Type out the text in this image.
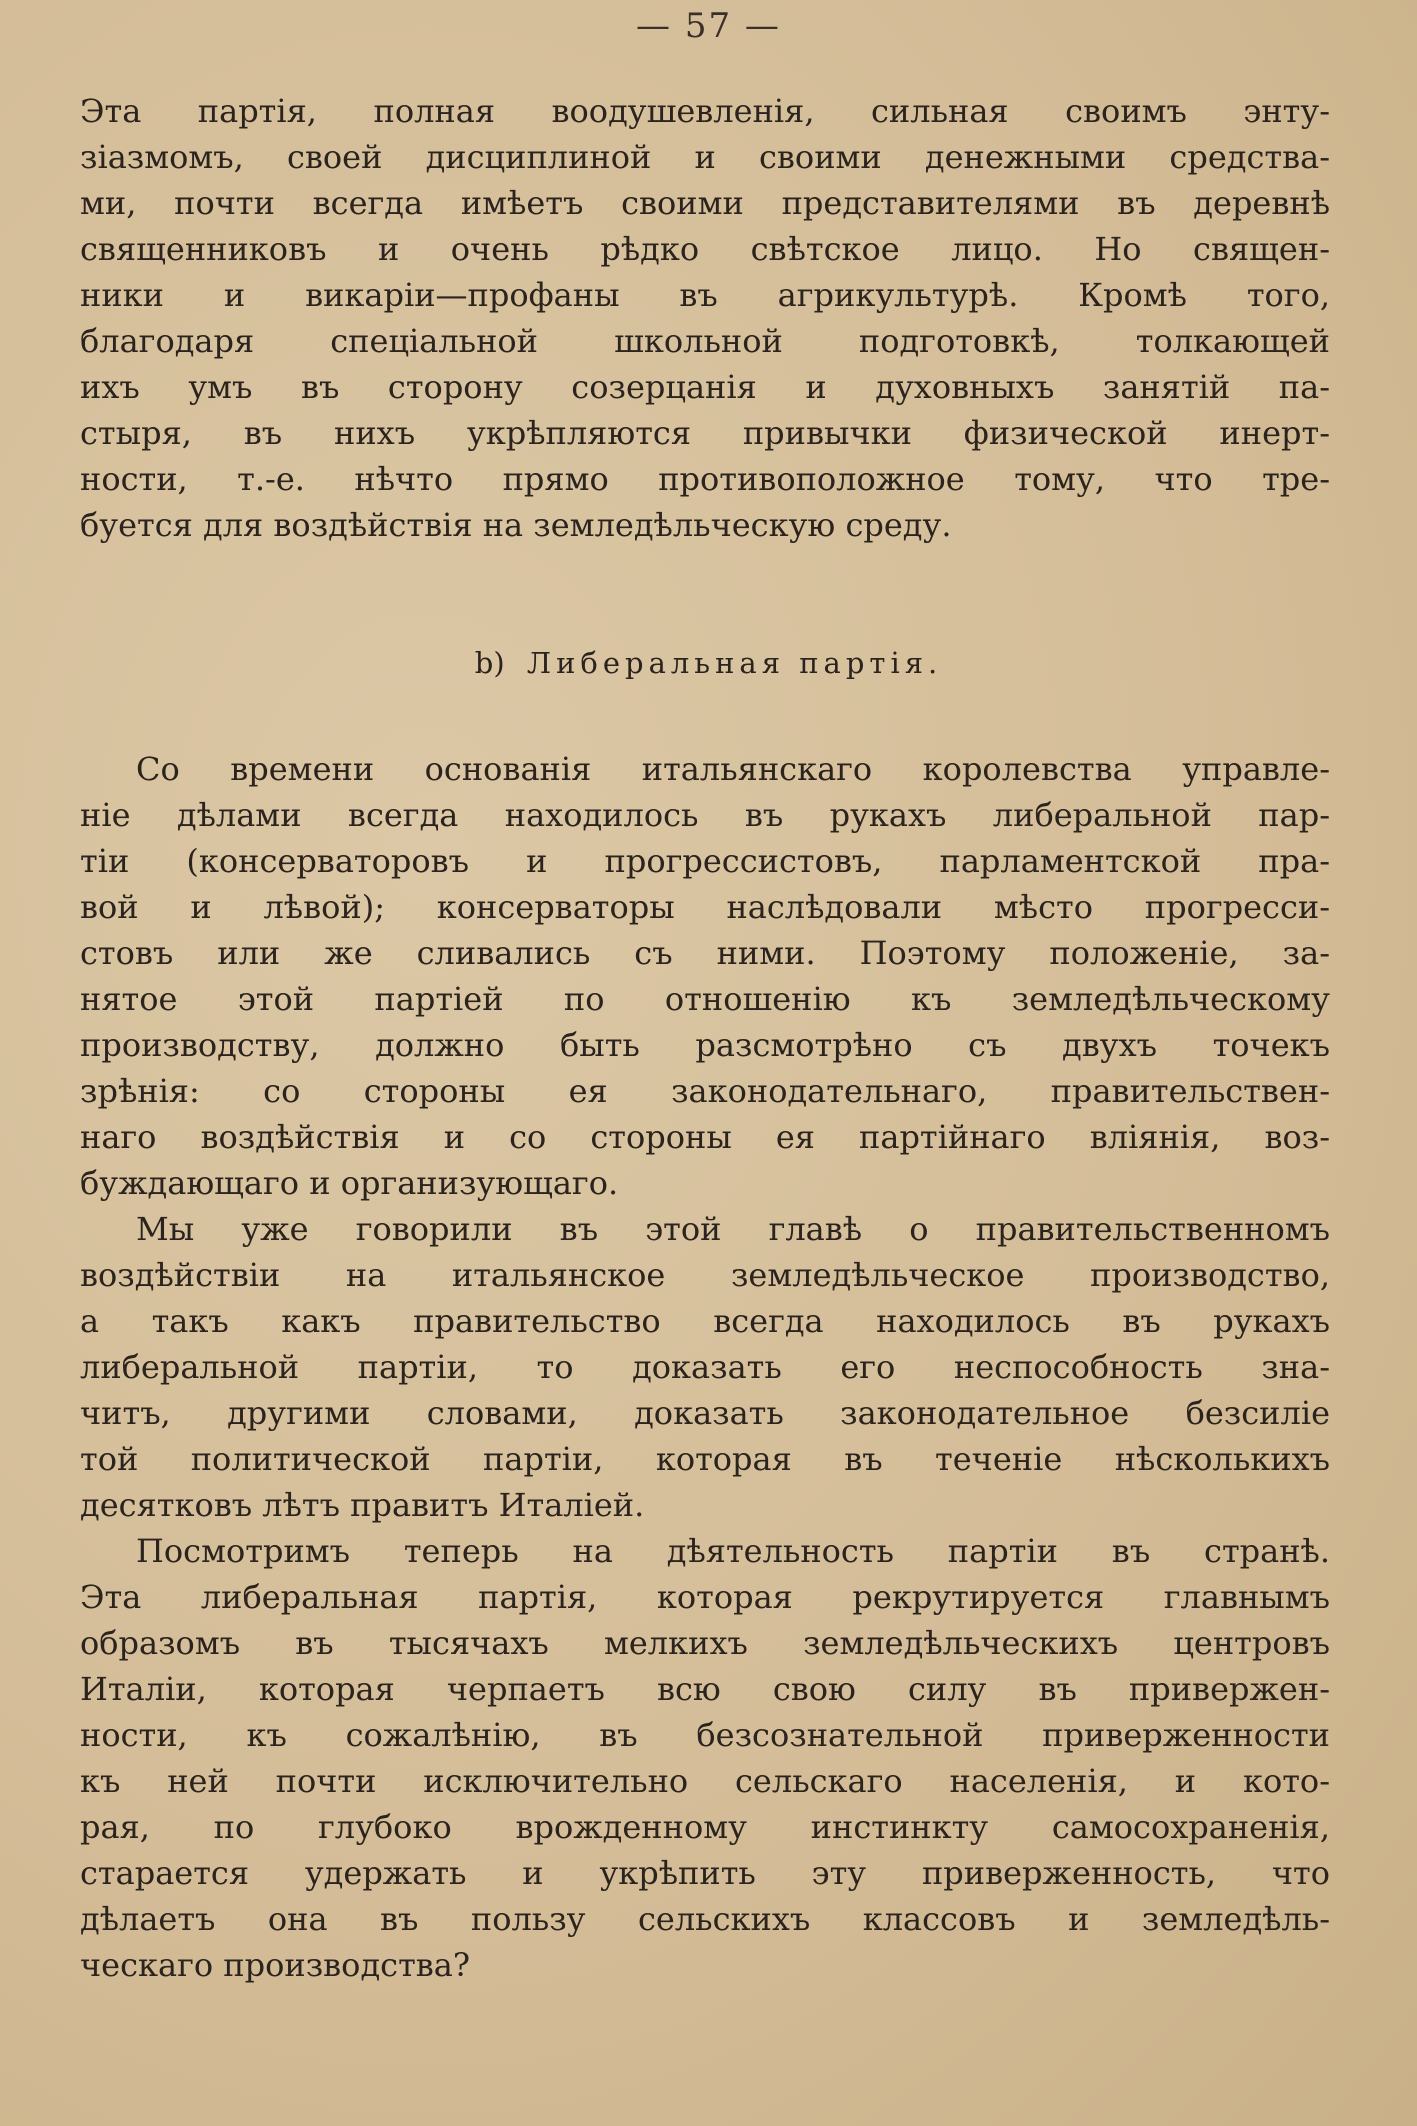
— 57 —
Эта партія, полная воодушевленія, сильная своимъ энту-
зіазмомъ, своей дисциплиной и своими денежными средства-
ми, почти всегда имѣетъ своими представителями въ деревнѣ
священниковъ и очень рѣдко свѣтское лицо. Но священ-
ники и викаріи—профаны въ агрикультурѣ. Кромѣ того,
благодаря спеціальной школьной подготовкѣ, толкающей
ихъ умъ въ сторону созерцанія и духовныхъ занятій па-
стыря, въ нихъ укрѣпляются привычки физической инерт-
ности, т.-е. нѣчто прямо противоположное тому, что тре-
буется для воздѣйствія на земледѣльческую среду.
b) Либеральная партія.
Со времени основанія итальянскаго королевства управле-
ніе дѣлами всегда находилось въ рукахъ либеральной пар-
тіи (консерваторовъ и прогрессистовъ, парламентской пра-
вой и лѣвой); консерваторы наслѣдовали мѣсто прогресси-
стовъ или же сливались съ ними. Поэтому положеніе, за-
нятое этой партіей по отношенію къ земледѣльческому
производству, должно быть разсмотрѣно съ двухъ точекъ
зрѣнія: со стороны ея законодательнаго, правительствен-
наго воздѣйствія и со стороны ея партійнаго вліянія, воз-
буждающаго и организующаго.
Мы уже говорили въ этой главѣ о правительственномъ
воздѣйствіи на итальянское земледѣльческое производство,
а такъ какъ правительство всегда находилось въ рукахъ
либеральной партіи, то доказать его неспособность зна-
читъ, другими словами, доказать законодательное безсиліе
той политической партіи, которая въ теченіе нѣсколькихъ
десятковъ лѣтъ правитъ Италіей.
Посмотримъ теперь на дѣятельность партіи въ странѣ.
Эта либеральная партія, которая рекрутируется главнымъ
образомъ въ тысячахъ мелкихъ земледѣльческихъ центровъ
Италіи, которая черпаетъ всю свою силу въ привержен-
ности, къ сожалѣнію, въ безсознательной приверженности
къ ней почти исключительно сельскаго населенія, и кото-
рая, по глубоко врожденному инстинкту самосохраненія,
старается удержать и укрѣпить эту приверженность, что
дѣлаетъ она въ пользу сельскихъ классовъ и земледѣль-
ческаго производства?
